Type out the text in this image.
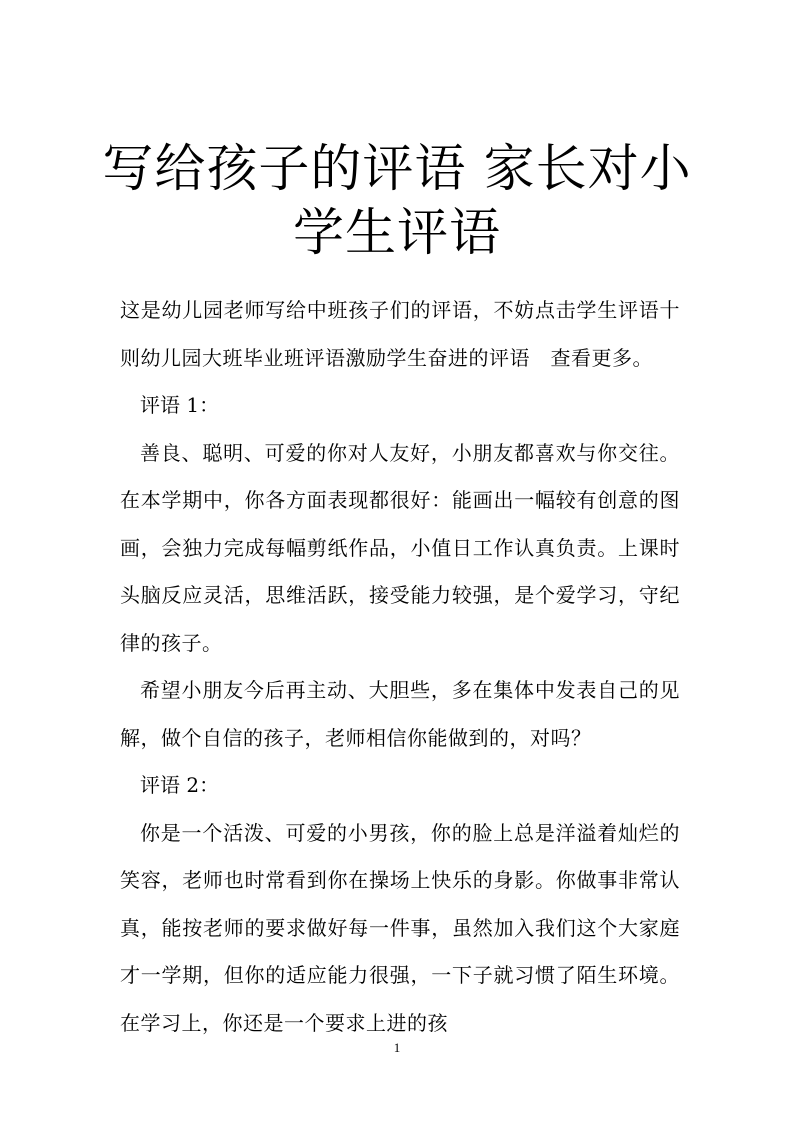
写给孩子的评语 家长对小学生评语

这是幼儿园老师写给中班孩子们的评语，不妨点击学生评语十则幼儿园大班毕业班评语激励学生奋进的评语　查看更多。

评语 1：

善良、聪明、可爱的你对人友好，小朋友都喜欢与你交往。在本学期中，你各方面表现都很好：能画出一幅较有创意的图画，会独力完成每幅剪纸作品，小值日工作认真负责。上课时头脑反应灵活，思维活跃，接受能力较强，是个爱学习，守纪律的孩子。

希望小朋友今后再主动、大胆些，多在集体中发表自己的见解，做个自信的孩子，老师相信你能做到的，对吗？

评语 2：

你是一个活泼、可爱的小男孩，你的脸上总是洋溢着灿烂的笑容，老师也时常看到你在操场上快乐的身影。你做事非常认真，能按老师的要求做好每一件事，虽然加入我们这个大家庭才一学期，但你的适应能力很强，一下子就习惯了陌生环境。在学习上，你还是一个要求上进的孩

1
